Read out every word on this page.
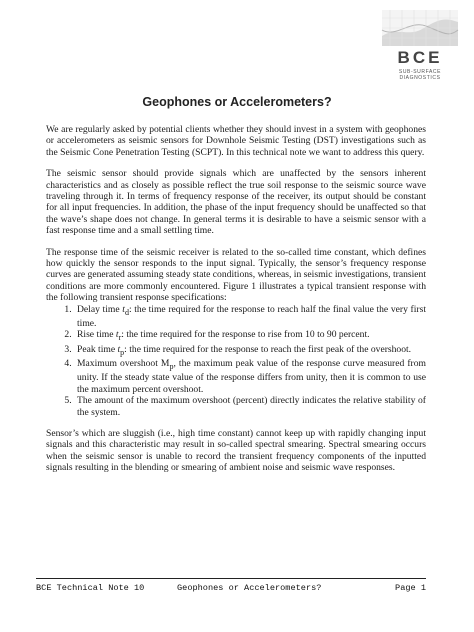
BCE
SUB-SURFACE
DIAGNOSTICS
Geophones or Accelerometers?

We are regularly asked by potential clients whether they should invest in a system with geophones or accelerometers as seismic sensors for Downhole Seismic Testing (DST) investigations such as the Seismic Cone Penetration Testing (SCPT). In this technical note we want to address this query.

The seismic sensor should provide signals which are unaffected by the sensors inherent characteristics and as closely as possible reflect the true soil response to the seismic source wave traveling through it. In terms of frequency response of the receiver, its output should be constant for all input frequencies. In addition, the phase of the input frequency should be unaffected so that the wave’s shape does not change. In general terms it is desirable to have a seismic sensor with a fast response time and a small settling time.

The response time of the seismic receiver is related to the so-called time constant, which defines how quickly the sensor responds to the input signal. Typically, the sensor’s frequency response curves are generated assuming steady state conditions, whereas, in seismic investigations, transient conditions are more commonly encountered. Figure 1 illustrates a typical transient response with the following transient response specifications:

1. Delay time $t_d$: the time required for the response to reach half the final value the very first time.
2. Rise time $t_r$: the time required for the response to rise from 10 to 90 percent.
3. Peak time $t_p$: the time required for the response to reach the first peak of the overshoot.
4. Maximum overshoot $M_p$, the maximum peak value of the response curve measured from unity. If the steady state value of the response differs from unity, then it is common to use the maximum percent overshoot.
5. The amount of the maximum overshoot (percent) directly indicates the relative stability of the system.

Sensor’s which are sluggish (i.e., high time constant) cannot keep up with rapidly changing input signals and this characteristic may result in so-called spectral smearing. Spectral smearing occurs when the seismic sensor is unable to record the transient frequency components of the inputted signals resulting in the blending or smearing of ambient noise and seismic wave responses.

BCE Technical Note 10	Geophones or Accelerometers?	Page 1
